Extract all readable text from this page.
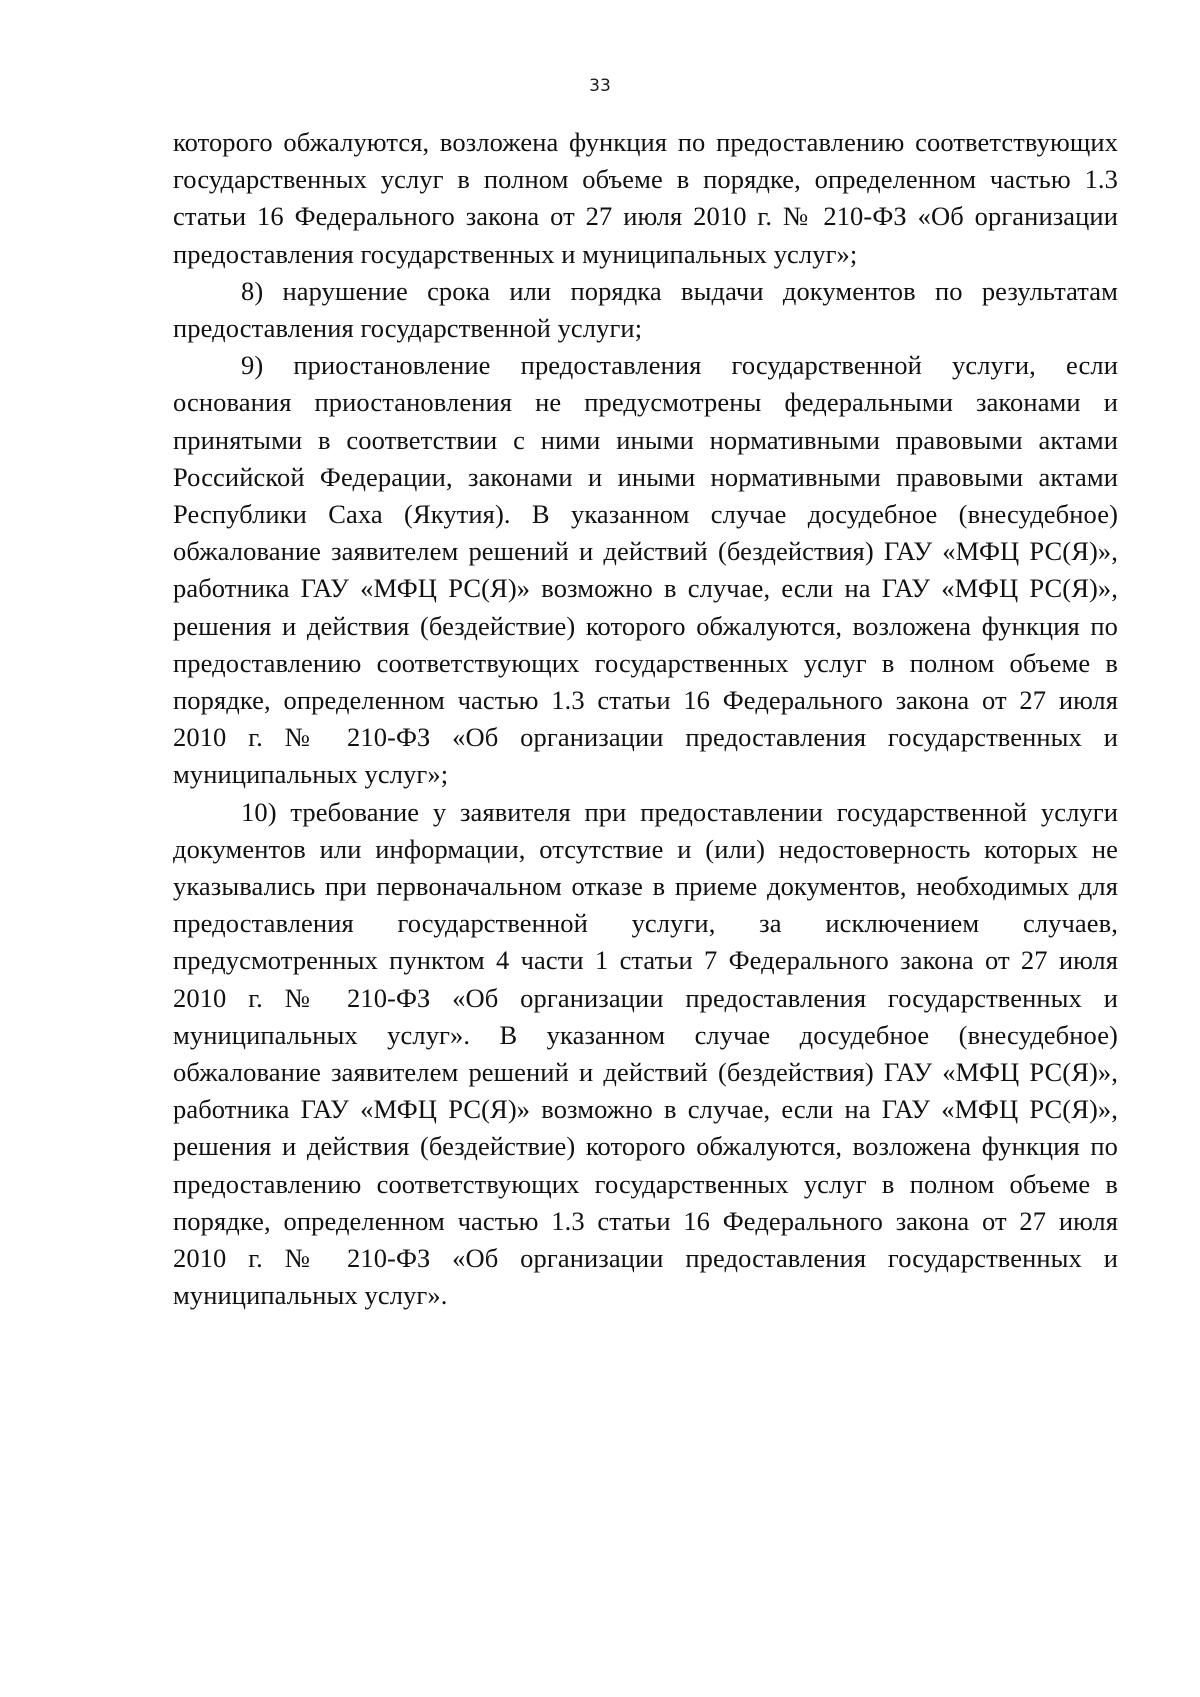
33

которого обжалуются, возложена функция по предоставлению соответствующих государственных услуг в полном объеме в порядке, определенном частью 1.3 статьи 16 Федерального закона от 27 июля 2010 г. № 210-ФЗ «Об организации предоставления государственных и муниципальных услуг»;

8) нарушение срока или порядка выдачи документов по результатам предоставления государственной услуги;

9) приостановление предоставления государственной услуги, если основания приостановления не предусмотрены федеральными законами и принятыми в соответствии с ними иными нормативными правовыми актами Российской Федерации, законами и иными нормативными правовыми актами Республики Саха (Якутия). В указанном случае досудебное (внесудебное) обжалование заявителем решений и действий (бездействия) ГАУ «МФЦ РС(Я)», работника ГАУ «МФЦ РС(Я)» возможно в случае, если на ГАУ «МФЦ РС(Я)», решения и действия (бездействие) которого обжалуются, возложена функция по предоставлению соответствующих государственных услуг в полном объеме в порядке, определенном частью 1.3 статьи 16 Федерального закона от 27 июля 2010 г. № 210-ФЗ «Об организации предоставления государственных и муниципальных услуг»;

10) требование у заявителя при предоставлении государственной услуги документов или информации, отсутствие и (или) недостоверность которых не указывались при первоначальном отказе в приеме документов, необходимых для предоставления государственной услуги, за исключением случаев, предусмотренных пунктом 4 части 1 статьи 7 Федерального закона от 27 июля 2010 г. № 210-ФЗ «Об организации предоставления государственных и муниципальных услуг». В указанном случае досудебное (внесудебное) обжалование заявителем решений и действий (бездействия) ГАУ «МФЦ РС(Я)», работника ГАУ «МФЦ РС(Я)» возможно в случае, если на ГАУ «МФЦ РС(Я)», решения и действия (бездействие) которого обжалуются, возложена функция по предоставлению соответствующих государственных услуг в полном объеме в порядке, определенном частью 1.3 статьи 16 Федерального закона от 27 июля 2010 г. № 210-ФЗ «Об организации предоставления государственных и муниципальных услуг».
